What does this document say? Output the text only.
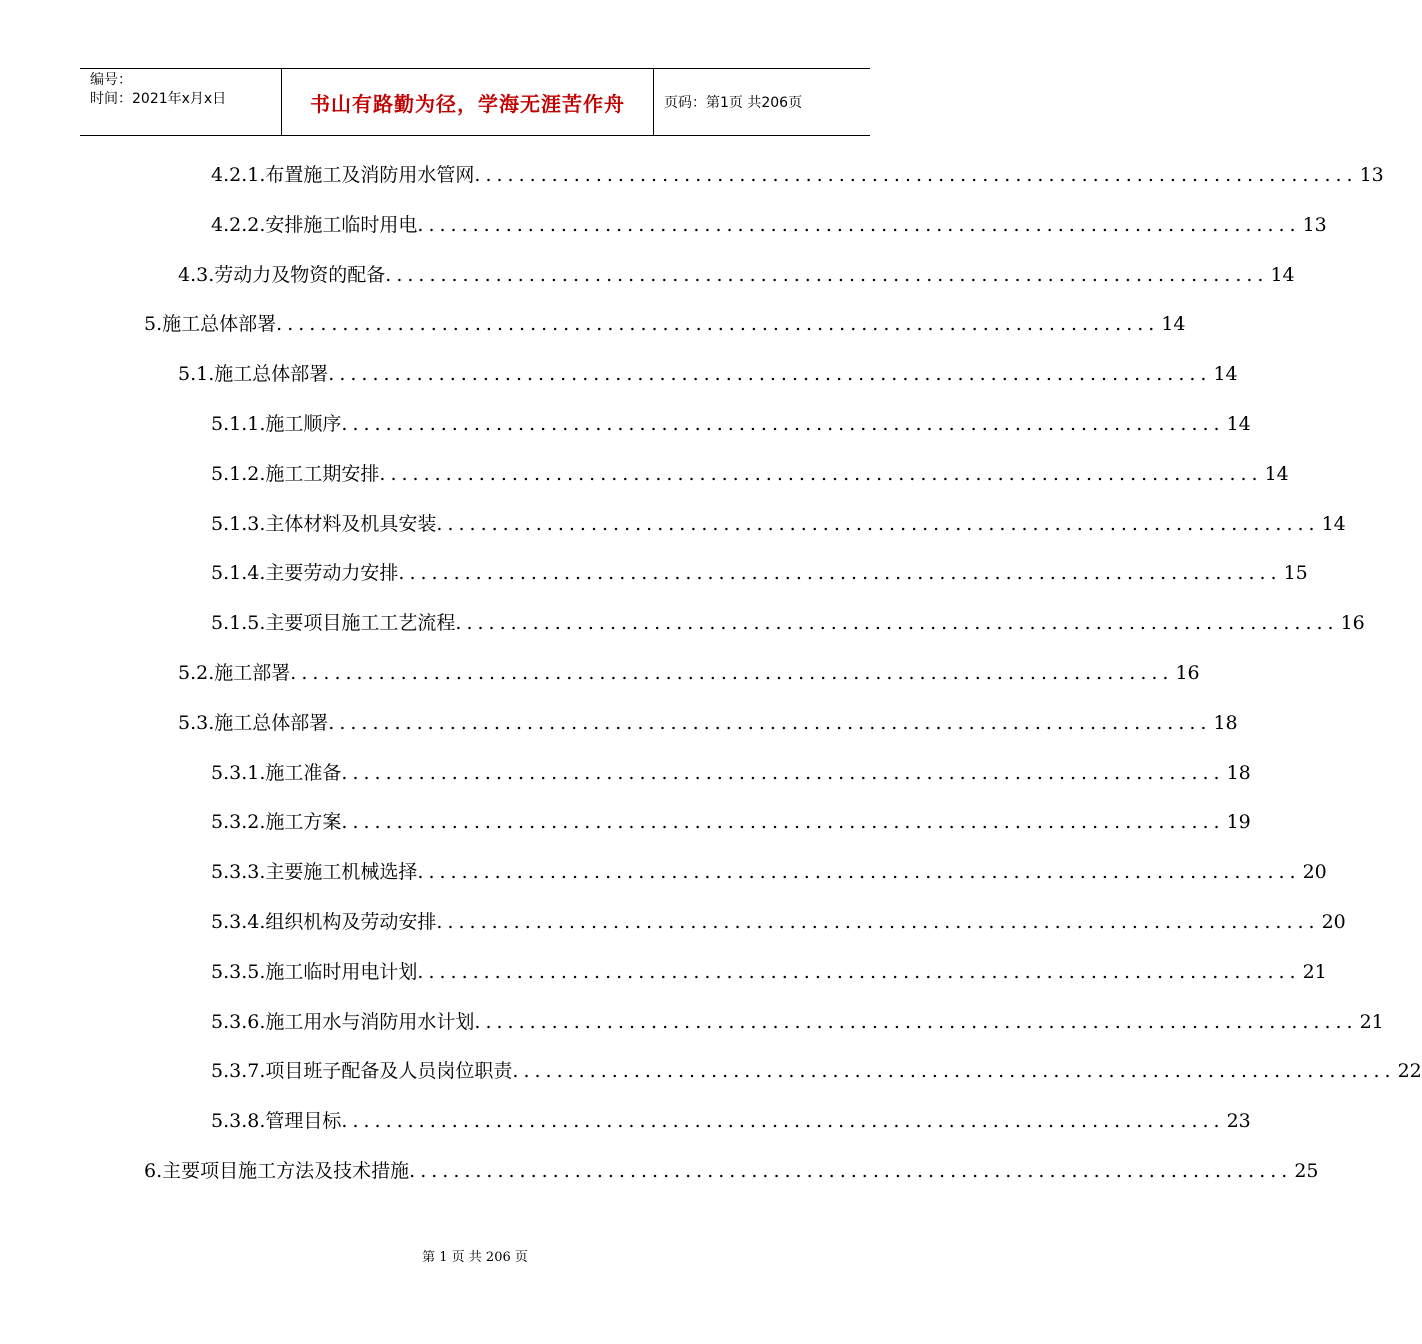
编号：
时间：2021年x月x日	书山有路勤为径，学海无涯苦作舟	页码：第1页 共206页
4.2.1. 布置施工及消防用水管网 ................................................................................ 13
4.2.2. 安排施工临时用电 ................................................................................ 13
4.3. 劳动力及物资的配备 ................................................................................ 14
5. 施工总体部署 ................................................................................ 14
5.1. 施工总体部署 ................................................................................ 14
5.1.1. 施工顺序 ................................................................................ 14
5.1.2. 施工工期安排 ................................................................................ 14
5.1.3. 主体材料及机具安装 ................................................................................ 14
5.1.4. 主要劳动力安排 ................................................................................ 15
5.1.5. 主要项目施工工艺流程 ................................................................................ 16
5.2. 施工部署 ................................................................................ 16
5.3. 施工总体部署 ................................................................................ 18
5.3.1. 施工准备 ................................................................................ 18
5.3.2. 施工方案 ................................................................................ 19
5.3.3. 主要施工机械选择 ................................................................................ 20
5.3.4. 组织机构及劳动安排 ................................................................................ 20
5.3.5. 施工临时用电计划 ................................................................................ 21
5.3.6. 施工用水与消防用水计划 ................................................................................ 21
5.3.7. 项目班子配备及人员岗位职责 ................................................................................ 22
5.3.8. 管理目标 ................................................................................ 23
6. 主要项目施工方法及技术措施 ................................................................................ 25
第 1 页 共 206 页
